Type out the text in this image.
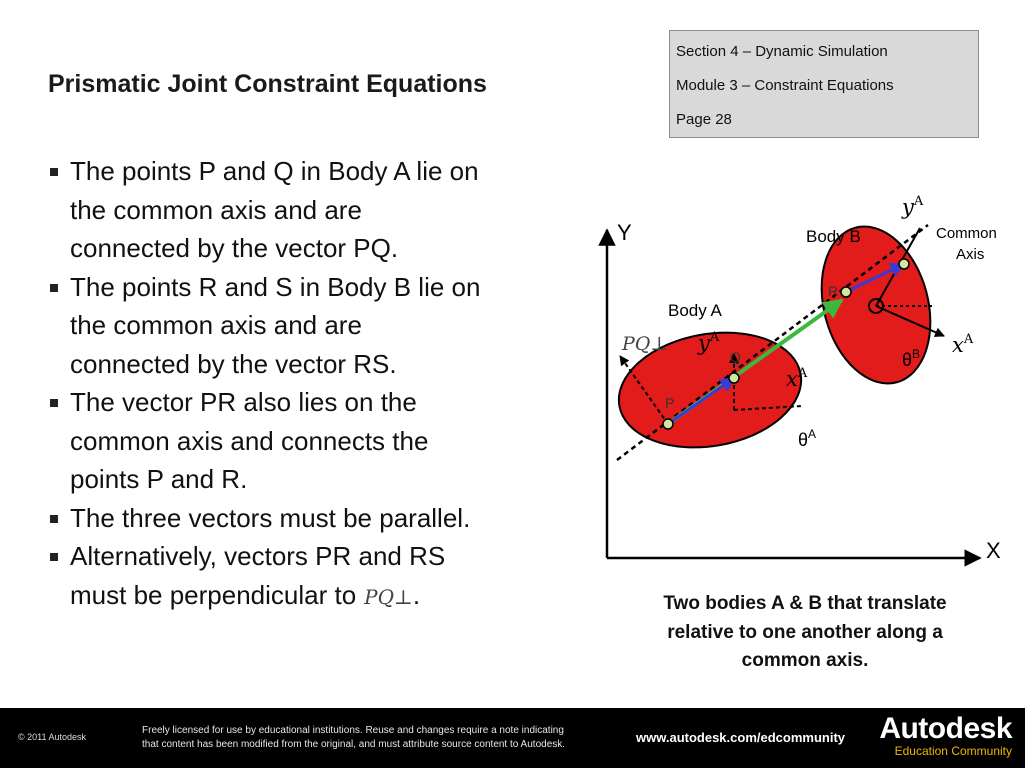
Prismatic Joint Constraint Equations
Section 4 – Dynamic Simulation
Module 3 – Constraint Equations
Page 28
The points P and Q in Body A lie on the common axis and are connected by the vector PQ.
The points R and S in Body B lie on the common axis and are connected by the vector RS.
The vector PR also lies on the common axis and connects the points P and R.
The three vectors must be parallel.
Alternatively, vectors PR and RS must be perpendicular to PQ⊥.
Y
X
Body A
Body B	Common
Axis
P
Q
R
PQ⊥
$y^A$
$y^A$
$x^A$
$x^A$
$\theta^A$
$\theta^B$
Two bodies A & B that translate
relative to one another along a
common axis.
© 2011 Autodesk
Freely licensed for use by educational institutions. Reuse and changes require a note indicating
that content has been modified from the original, and must attribute source content to Autodesk.	www.autodesk.com/edcommunity	Autodesk
Education Community
